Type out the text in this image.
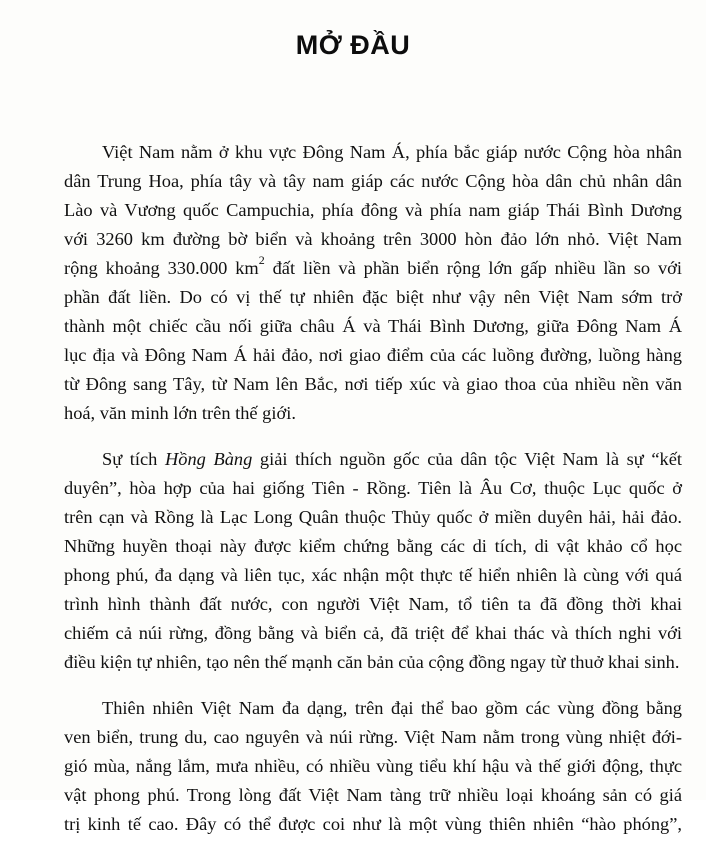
MỞ ĐẦU

Việt Nam nằm ở khu vực Đông Nam Á, phía bắc giáp nước Cộng hòa nhân
dân Trung Hoa, phía tây và tây nam giáp các nước Cộng hòa dân chủ nhân dân
Lào và Vương quốc Campuchia, phía đông và phía nam giáp Thái Bình Dương
với 3260 km đường bờ biển và khoảng trên 3000 hòn đảo lớn nhỏ. Việt Nam
rộng khoảng 330.000 $km^2$ đất liền và phần biển rộng lớn gấp nhiều lần so với
phần đất liền. Do có vị thế tự nhiên đặc biệt như vậy nên Việt Nam sớm trở
thành một chiếc cầu nối giữa châu Á và Thái Bình Dương, giữa Đông Nam Á
lục địa và Đông Nam Á hải đảo, nơi giao điểm của các luồng đường, luồng hàng
từ Đông sang Tây, từ Nam lên Bắc, nơi tiếp xúc và giao thoa của nhiều nền văn
hoá, văn minh lớn trên thế giới.

Sự tích Hồng Bàng giải thích nguồn gốc của dân tộc Việt Nam là sự “kết
duyên”, hòa hợp của hai giống Tiên - Rồng. Tiên là Âu Cơ, thuộc Lục quốc ở
trên cạn và Rồng là Lạc Long Quân thuộc Thủy quốc ở miền duyên hải, hải đảo.
Những huyền thoại này được kiểm chứng bằng các di tích, di vật khảo cổ học
phong phú, đa dạng và liên tục, xác nhận một thực tế hiển nhiên là cùng với quá
trình hình thành đất nước, con người Việt Nam, tổ tiên ta đã đồng thời khai
chiếm cả núi rừng, đồng bằng và biển cả, đã triệt để khai thác và thích nghi với
điều kiện tự nhiên, tạo nên thế mạnh căn bản của cộng đồng ngay từ thuở khai sinh.

Thiên nhiên Việt Nam đa dạng, trên đại thể bao gồm các vùng đồng bằng
ven biển, trung du, cao nguyên và núi rừng. Việt Nam nằm trong vùng nhiệt đới-
gió mùa, nắng lắm, mưa nhiều, có nhiều vùng tiểu khí hậu và thế giới động, thực
vật phong phú. Trong lòng đất Việt Nam tàng trữ nhiều loại khoáng sản có giá
trị kinh tế cao. Đây có thể được coi như là một vùng thiên nhiên “hào phóng”,
